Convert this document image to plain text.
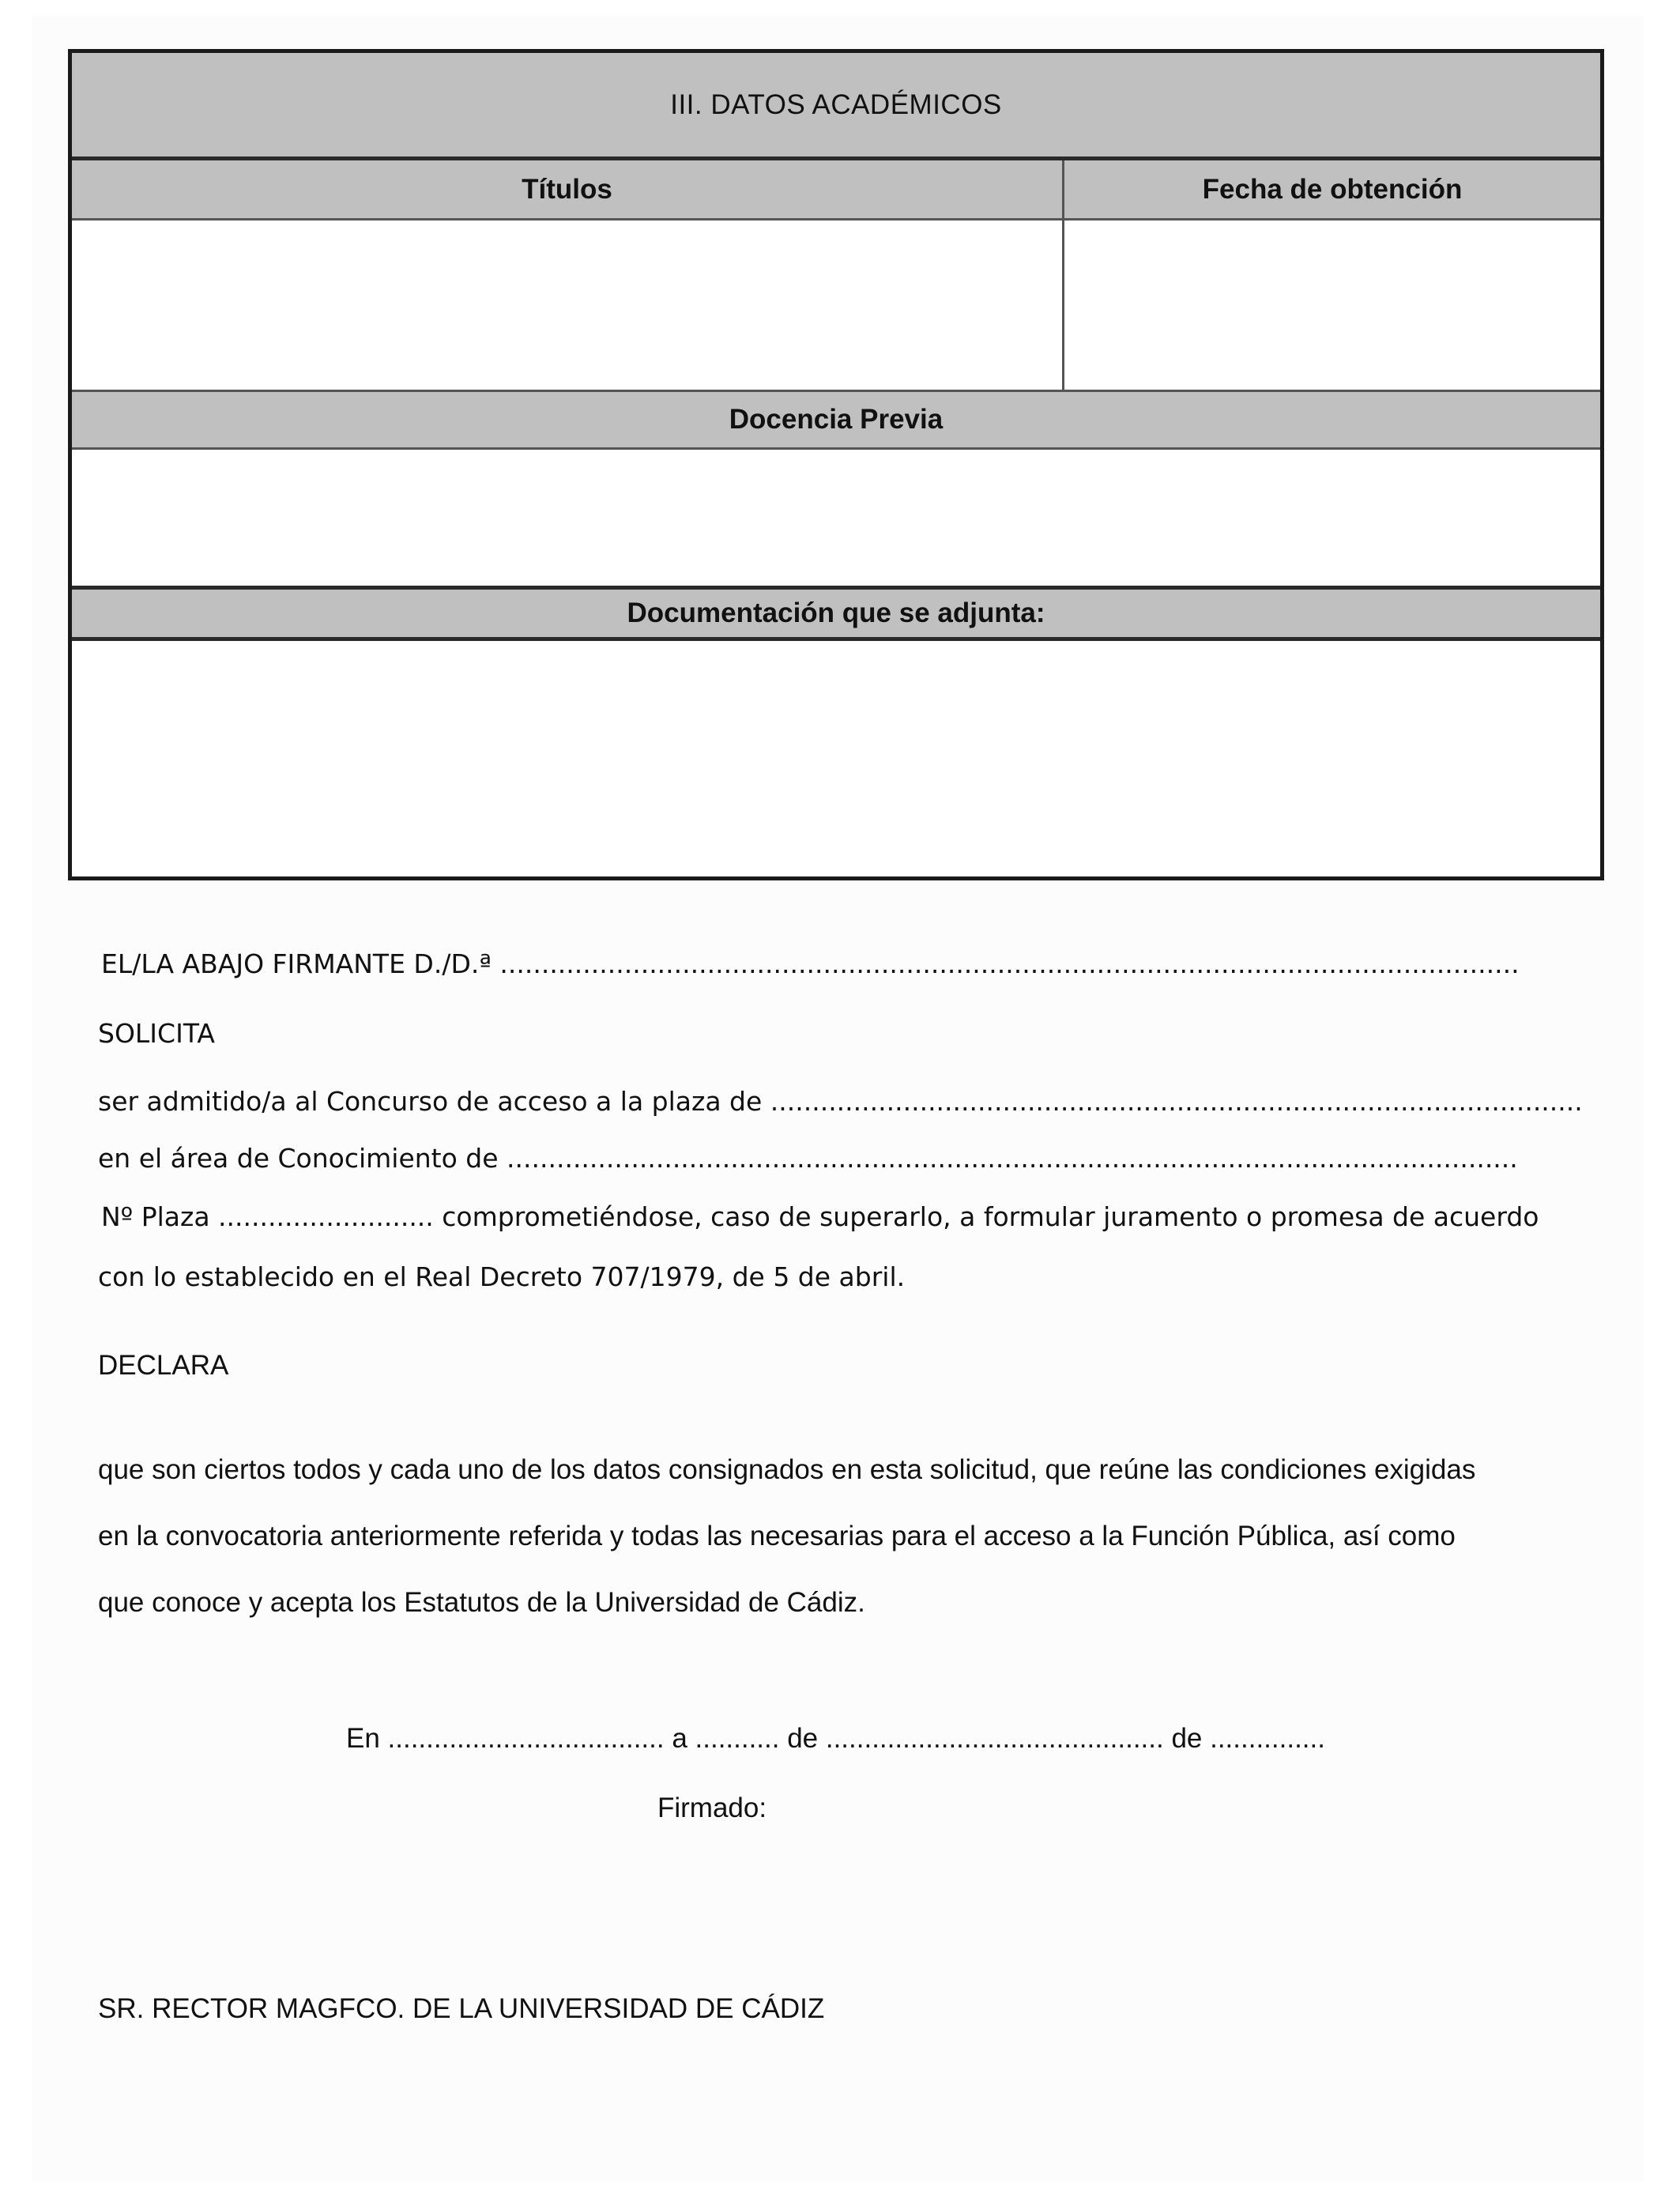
III. DATOS ACADÉMICOS
Títulos	Fecha de obtención
Docencia Previa
Documentación que se adjunta:
EL/LA ABAJO FIRMANTE D./D.ª ...........................................................................................................................
SOLICITA
ser admitido/a al Concurso de acceso a la plaza de ..................................................................................................
en el área de Conocimiento de ..........................................................................................................................
Nº Plaza .......................... comprometiéndose, caso de superarlo, a formular juramento o promesa de acuerdo
con lo establecido en el Real Decreto 707/1979, de 5 de abril.
DECLARA
que son ciertos todos y cada uno de los datos consignados en esta solicitud, que reúne las condiciones exigidas
en la convocatoria anteriormente referida y todas las necesarias para el acceso a la Función Pública, así como
que conoce y acepta los Estatutos de la Universidad de Cádiz.
En .................................... a ........... de ............................................ de ...............
Firmado:
SR. RECTOR MAGFCO. DE LA UNIVERSIDAD DE CÁDIZ
